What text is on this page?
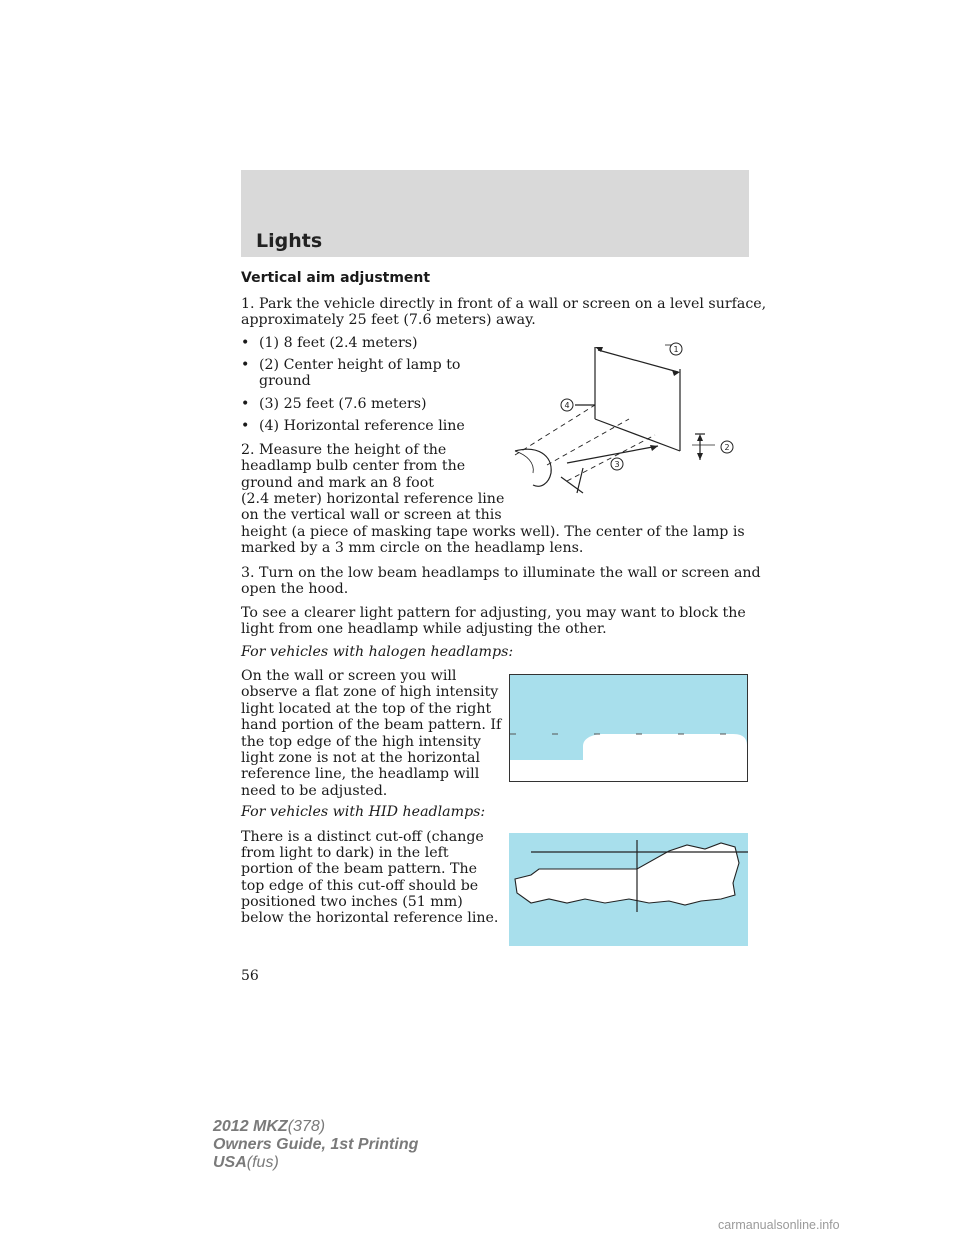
Lights
Vertical aim adjustment
1. Park the vehicle directly in front of a wall or screen on a level surface,
approximately 25 feet (7.6 meters) away.
• (1) 8 feet (2.4 meters)
• (2) Center height of lamp to
ground
• (3) 25 feet (7.6 meters)
• (4) Horizontal reference line
1
2
3
4
2. Measure the height of the
headlamp bulb center from the
ground and mark an 8 foot
(2.4 meter) horizontal reference line
on the vertical wall or screen at this
height (a piece of masking tape works well). The center of the lamp is
marked by a 3 mm circle on the headlamp lens.
3. Turn on the low beam headlamps to illuminate the wall or screen and
open the hood.
To see a clearer light pattern for adjusting, you may want to block the
light from one headlamp while adjusting the other.
For vehicles with halogen headlamps:
On the wall or screen you will
observe a flat zone of high intensity
light located at the top of the right
hand portion of the beam pattern. If
the top edge of the high intensity
light zone is not at the horizontal
reference line, the headlamp will
need to be adjusted.
For vehicles with HID headlamps:
There is a distinct cut-off (change
from light to dark) in the left
portion of the beam pattern. The
top edge of this cut-off should be
positioned two inches (51 mm)
below the horizontal reference line.
56
2012 MKZ(378)
Owners Guide, 1st Printing
USA(fus)
carmanualsonline.info
